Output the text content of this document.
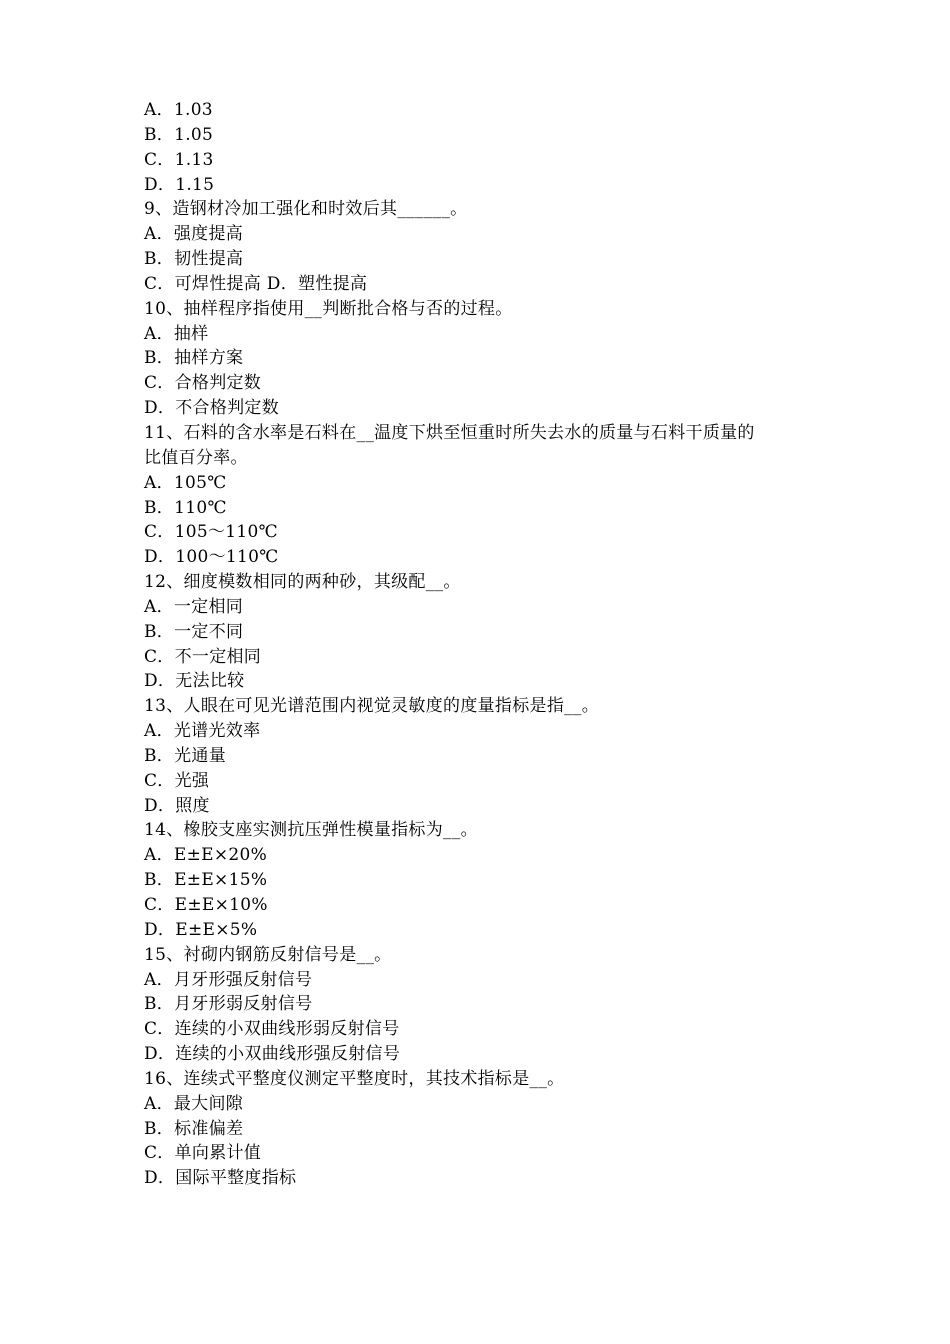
A．1.03
B．1.05
C．1.13
D．1.15
9、造钢材冷加工强化和时效后其______。
A．强度提高
B．韧性提高
C．可焊性提高 D．塑性提高
10、抽样程序指使用__判断批合格与否的过程。
A．抽样
B．抽样方案
C．合格判定数
D．不合格判定数
11、石料的含水率是石料在__温度下烘至恒重时所失去水的质量与石料干质量的
比值百分率。
A．105℃
B．110℃
C．105～110℃
D．100～110℃
12、细度模数相同的两种砂，其级配__。
A．一定相同
B．一定不同
C．不一定相同
D．无法比较
13、人眼在可见光谱范围内视觉灵敏度的度量指标是指__。
A．光谱光效率
B．光通量
C．光强
D．照度
14、橡胶支座实测抗压弹性模量指标为__。
A．E±E×20%
B．E±E×15%
C．E±E×10%
D．E±E×5%
15、衬砌内钢筋反射信号是__。
A．月牙形强反射信号
B．月牙形弱反射信号
C．连续的小双曲线形弱反射信号
D．连续的小双曲线形强反射信号
16、连续式平整度仪测定平整度时，其技术指标是__。
A．最大间隙
B．标准偏差
C．单向累计值
D．国际平整度指标
